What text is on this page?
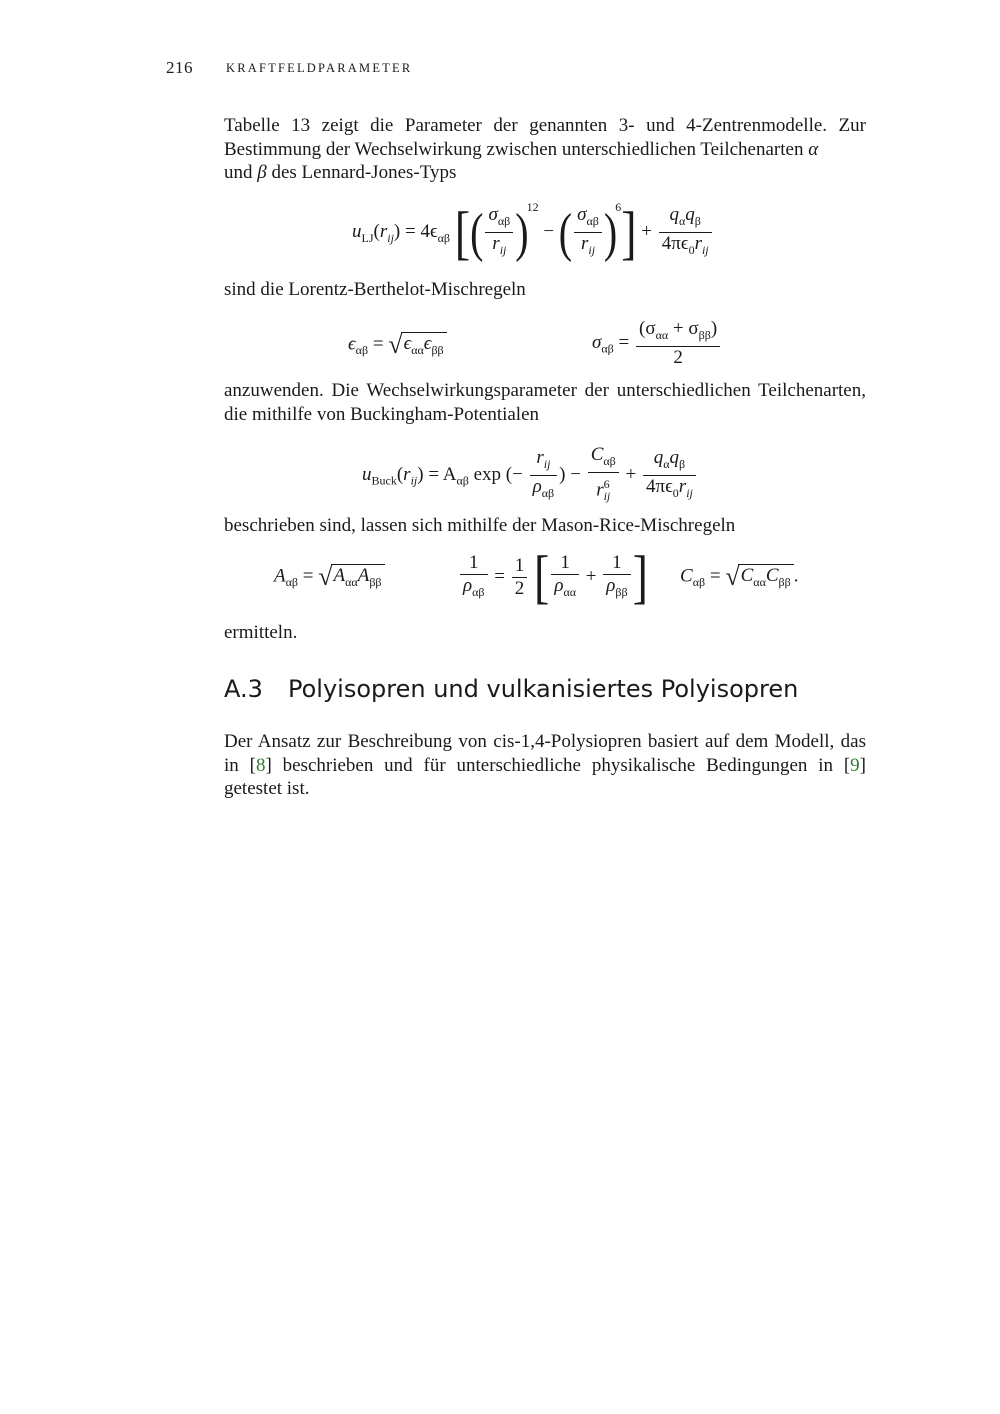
216	KRAFTFELDPARAMETER
Tabelle 13 zeigt die Parameter der genannten 3- und 4-Zentrenmodelle. Zur Bestimmung der Wechselwirkung zwischen unterschiedlichen Teilchenarten α
und β des Lennard-Jones-Typs
$u_{LJ}(r_{ij}) = 4\epsilon_{\alpha\beta}$ [( $\frac{\sigma_{\alpha\beta}}{r_{ij}} )^{12}$ − ( $\frac{\sigma_{\alpha\beta}}{r_{ij}} )^6] + \frac{q_\alpha q_\beta}{4\pi\epsilon_0r_{ij}}$
sind die Lorentz-Berthelot-Mischregeln
$\epsilon_{\alpha\beta} = √\epsilon_{\alpha\alpha}\epsilon_{\beta\beta}$	$\sigma_{\alpha\beta} = \frac{(\sigma_{\alpha\alpha} + \sigma_{\beta\beta})}{2}$
anzuwenden. Die Wechselwirkungsparameter der unterschiedlichen Teilchenarten, die mithilfe von Buckingham-Potentialen
$u_{Buck}(r_{ij}) = A_{\alpha\beta}$ exp (− $\frac{r_{ij}}{\rho_{\alpha\beta}}$ ) − $\frac{C_{\alpha\beta}}{r^6_{ij}} + \frac{q_\alpha q_\beta}{4\pi\epsilon_0r_{ij}}$
beschrieben sind, lassen sich mithilfe der Mason-Rice-Mischregeln
$A_{\alpha\beta} = √A_{\alpha\alpha}A_{\beta\beta}$	$\frac{1}{\rho_{\alpha\beta}} = \frac{1}{2}$ [ $\frac{1}{\rho_{\alpha\alpha}} + \frac{1}{\rho_{\beta\beta}}$ ] $C_{\alpha\beta} = √C_{\alpha\alpha}C_{\beta\beta}$ .
ermitteln.
A.3 Polyisopren und vulkanisiertes Polyisopren
Der Ansatz zur Beschreibung von cis-1,4-Polysiopren basiert auf dem Modell, das in [8] beschrieben und für unterschiedliche physikalische Bedingungen in [9] getestet ist.
